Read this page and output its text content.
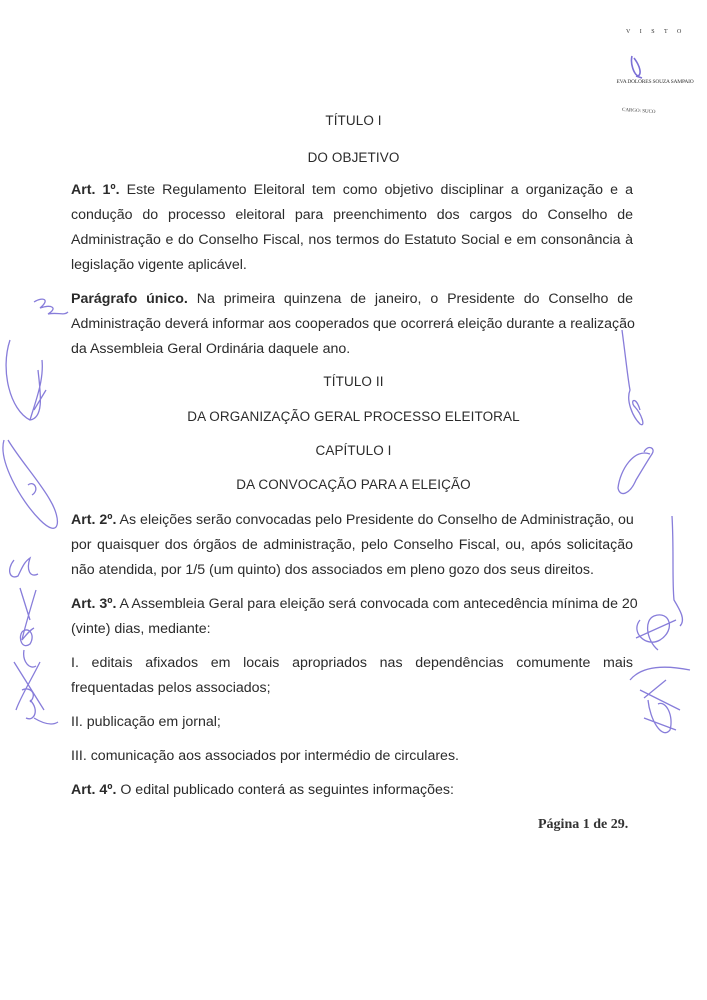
V I S T O
EVA DOLORES SOUZA SAMPAIO
CARGO: SUCO
TÍTULO I
DO OBJETIVO
Art. 1º. Este Regulamento Eleitoral tem como objetivo disciplinar a organização e a
condução do processo eleitoral para preenchimento dos cargos do Conselho de
Administração e do Conselho Fiscal, nos termos do Estatuto Social e em consonância à
legislação vigente aplicável.
Parágrafo único. Na primeira quinzena de janeiro, o Presidente do Conselho de
Administração deverá informar aos cooperados que ocorrerá eleição durante a realização
da Assembleia Geral Ordinária daquele ano.
TÍTULO II
DA ORGANIZAÇÃO GERAL PROCESSO ELEITORAL
CAPÍTULO I
DA CONVOCAÇÃO PARA A ELEIÇÃO
Art. 2º. As eleições serão convocadas pelo Presidente do Conselho de Administração, ou
por quaisquer dos órgãos de administração, pelo Conselho Fiscal, ou, após solicitação
não atendida, por 1/5 (um quinto) dos associados em pleno gozo dos seus direitos.
Art. 3º. A Assembleia Geral para eleição será convocada com antecedência mínima de 20
(vinte) dias, mediante:
I. editais afixados em locais apropriados nas dependências comumente mais
frequentadas pelos associados;
II. publicação em jornal;
III. comunicação aos associados por intermédio de circulares.
Art. 4º. O edital publicado conterá as seguintes informações:
Página 1 de 29.
